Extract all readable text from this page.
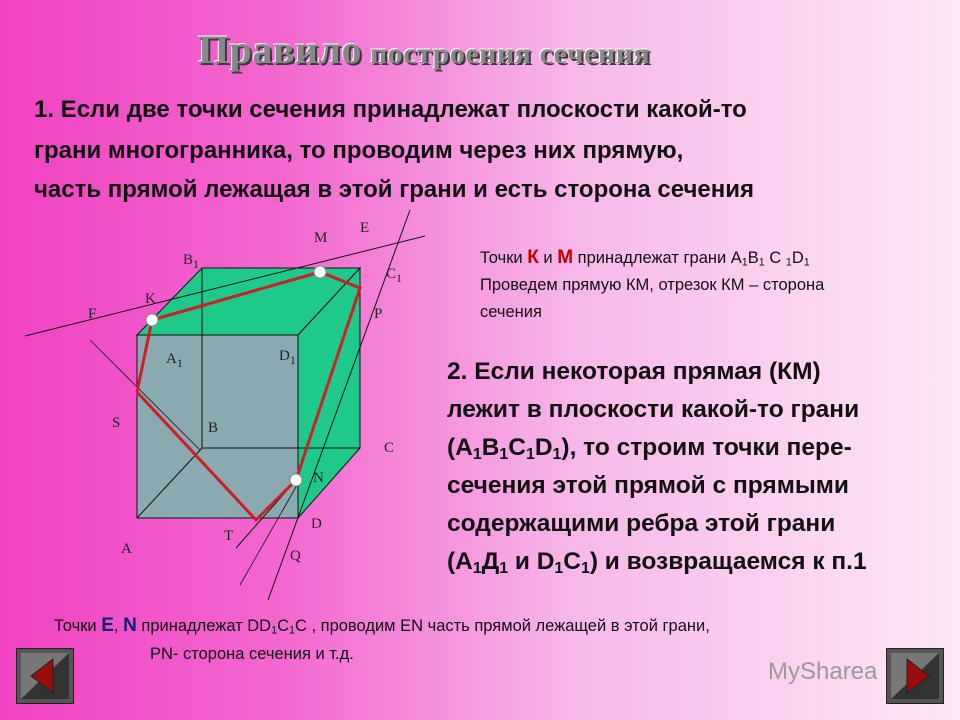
Правило построения сечения
1. Если две точки сечения принадлежат плоскости какой-то
грани многогранника, то проводим через них прямую,
часть прямой лежащая в этой грани и есть сторона сечения
M
E
$B_1$
$C_1$
K
F	P
$A_1$	$D_1$
S	B
C
N
D
T
A	Q
Точки К и М принадлежат грани $А_1В_1$ С $_1D_1$
Проведем прямую КМ, отрезок КМ – сторона
сечения
2. Если некоторая прямая (КМ)
лежит в плоскости какой-то грани
$(А_1В_1С_1D_1)$, то строим точки пере-
сечения этой прямой с прямыми
содержащими ребра этой грани
($А_1Д_1$ и $D_1С_1$) и возвращаемся к п.1
Точки Е, N принадлежат $DD_1C_1C$ , проводим EN часть прямой лежащей в этой грани,
PN- сторона сечения и т.д.
MySharea
